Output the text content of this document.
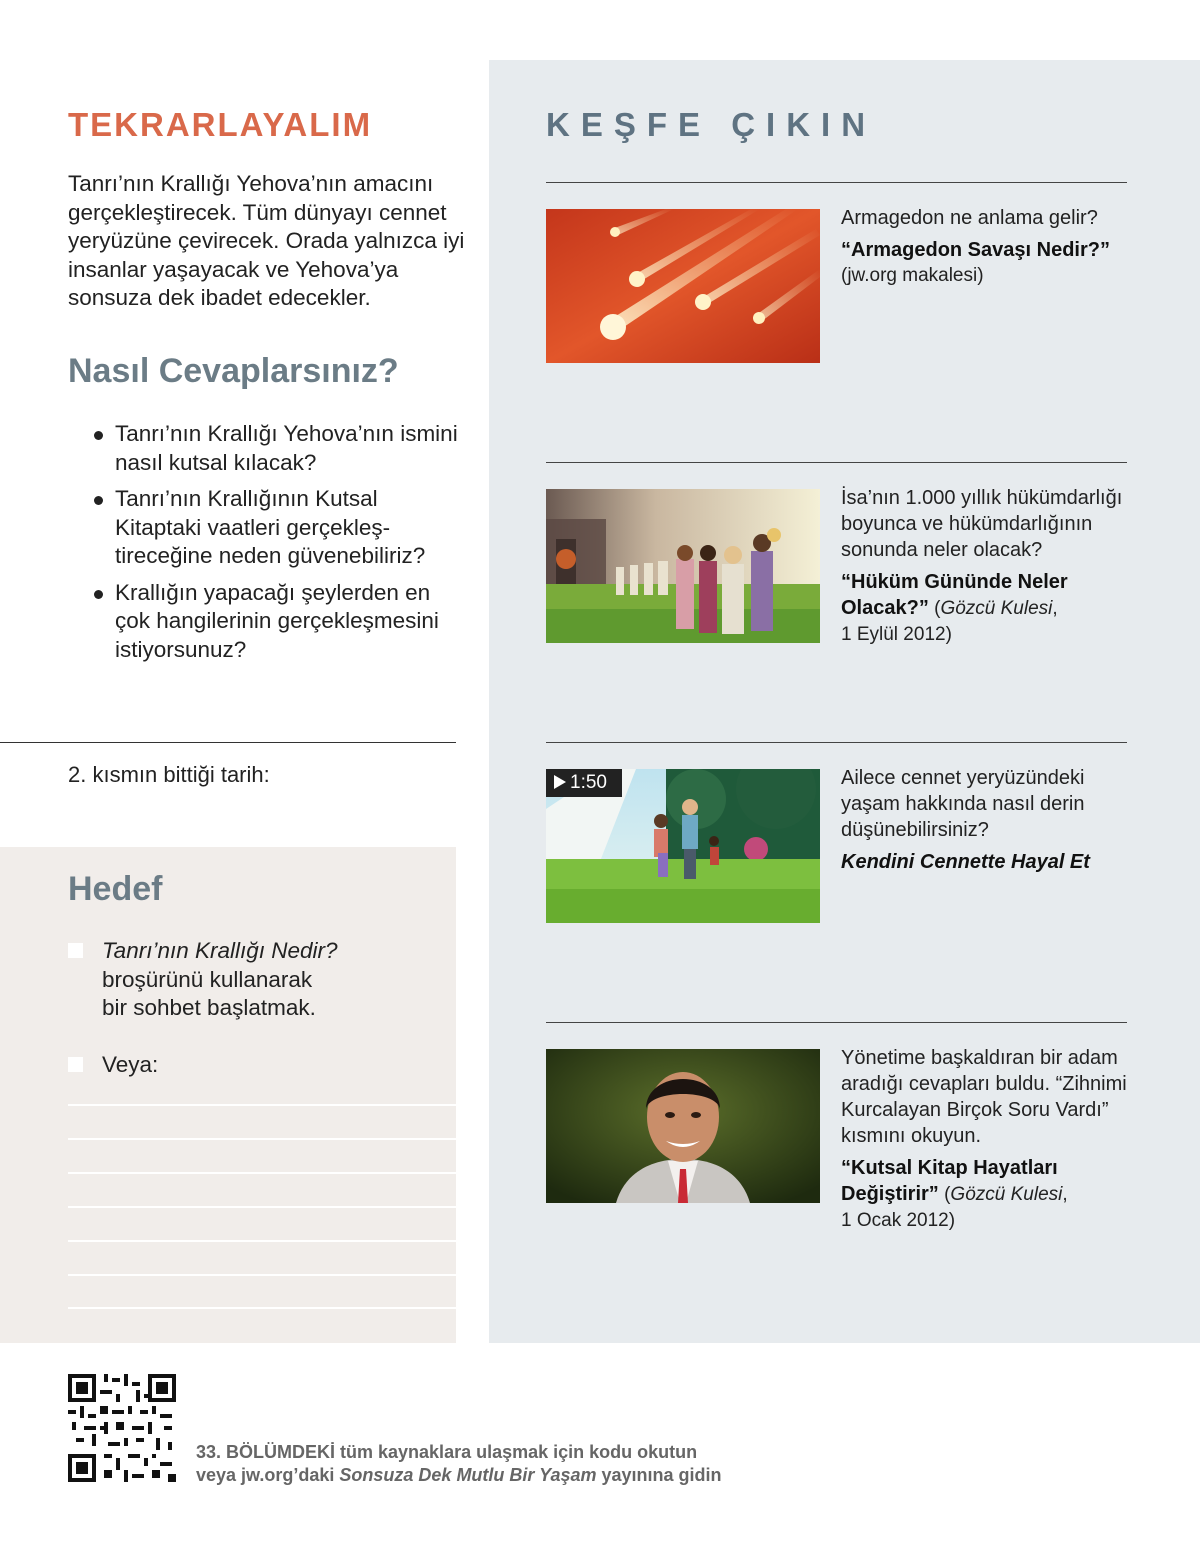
TEKRARLAYALIM
Tanrı’nın Krallığı Yehova’nın amacını gerçekleştirecek. Tüm dünyayı cennet yeryüzüne çevirecek. Orada yalnızca iyi insanlar yaşayacak ve Yehova’ya sonsuza dek ibadet edecekler.
Nasıl Cevaplarsınız?
Tanrı’nın Krallığı Yehova’nın ismini nasıl kutsal kılacak?
Tanrı’nın Krallığının Kutsal Kitaptaki vaatleri gerçekleş-tireceğine neden güvenebiliriz?
Krallığın yapacağı şeylerden en çok hangilerinin gerçekleşmesini istiyorsunuz?
2. kısmın bittiği tarih:
Hedef
Tanrı’nın Krallığı Nedir?
broşürünü kullanarak
bir sohbet başlatmak.
Veya:
KEŞFE ÇIKIN
Armagedon ne anlama gelir?
“Armagedon Savaşı Nedir?”
(jw.org makalesi)
İsa’nın 1.000 yıllık hükümdarlığı boyunca ve hükümdarlığının sonunda neler olacak?
“Hüküm Gününde Neler
Olacak?” (Gözcü Kulesi,
1 Eylül 2012)
1:50	Ailece cennet yeryüzündeki yaşam hakkında nasıl derin düşünebilirsiniz?
Kendini Cennette Hayal Et
Yönetime başkaldıran bir adam aradığı cevapları buldu. “Zihnimi Kurcalayan Birçok Soru Vardı” kısmını okuyun.
“Kutsal Kitap Hayatları
Değiştirir” (Gözcü Kulesi,
1 Ocak 2012)
33. BÖLÜMDEKİ tüm kaynaklara ulaşmak için kodu okutun
veya jw.org’daki Sonsuza Dek Mutlu Bir Yaşam yayınına gidin
